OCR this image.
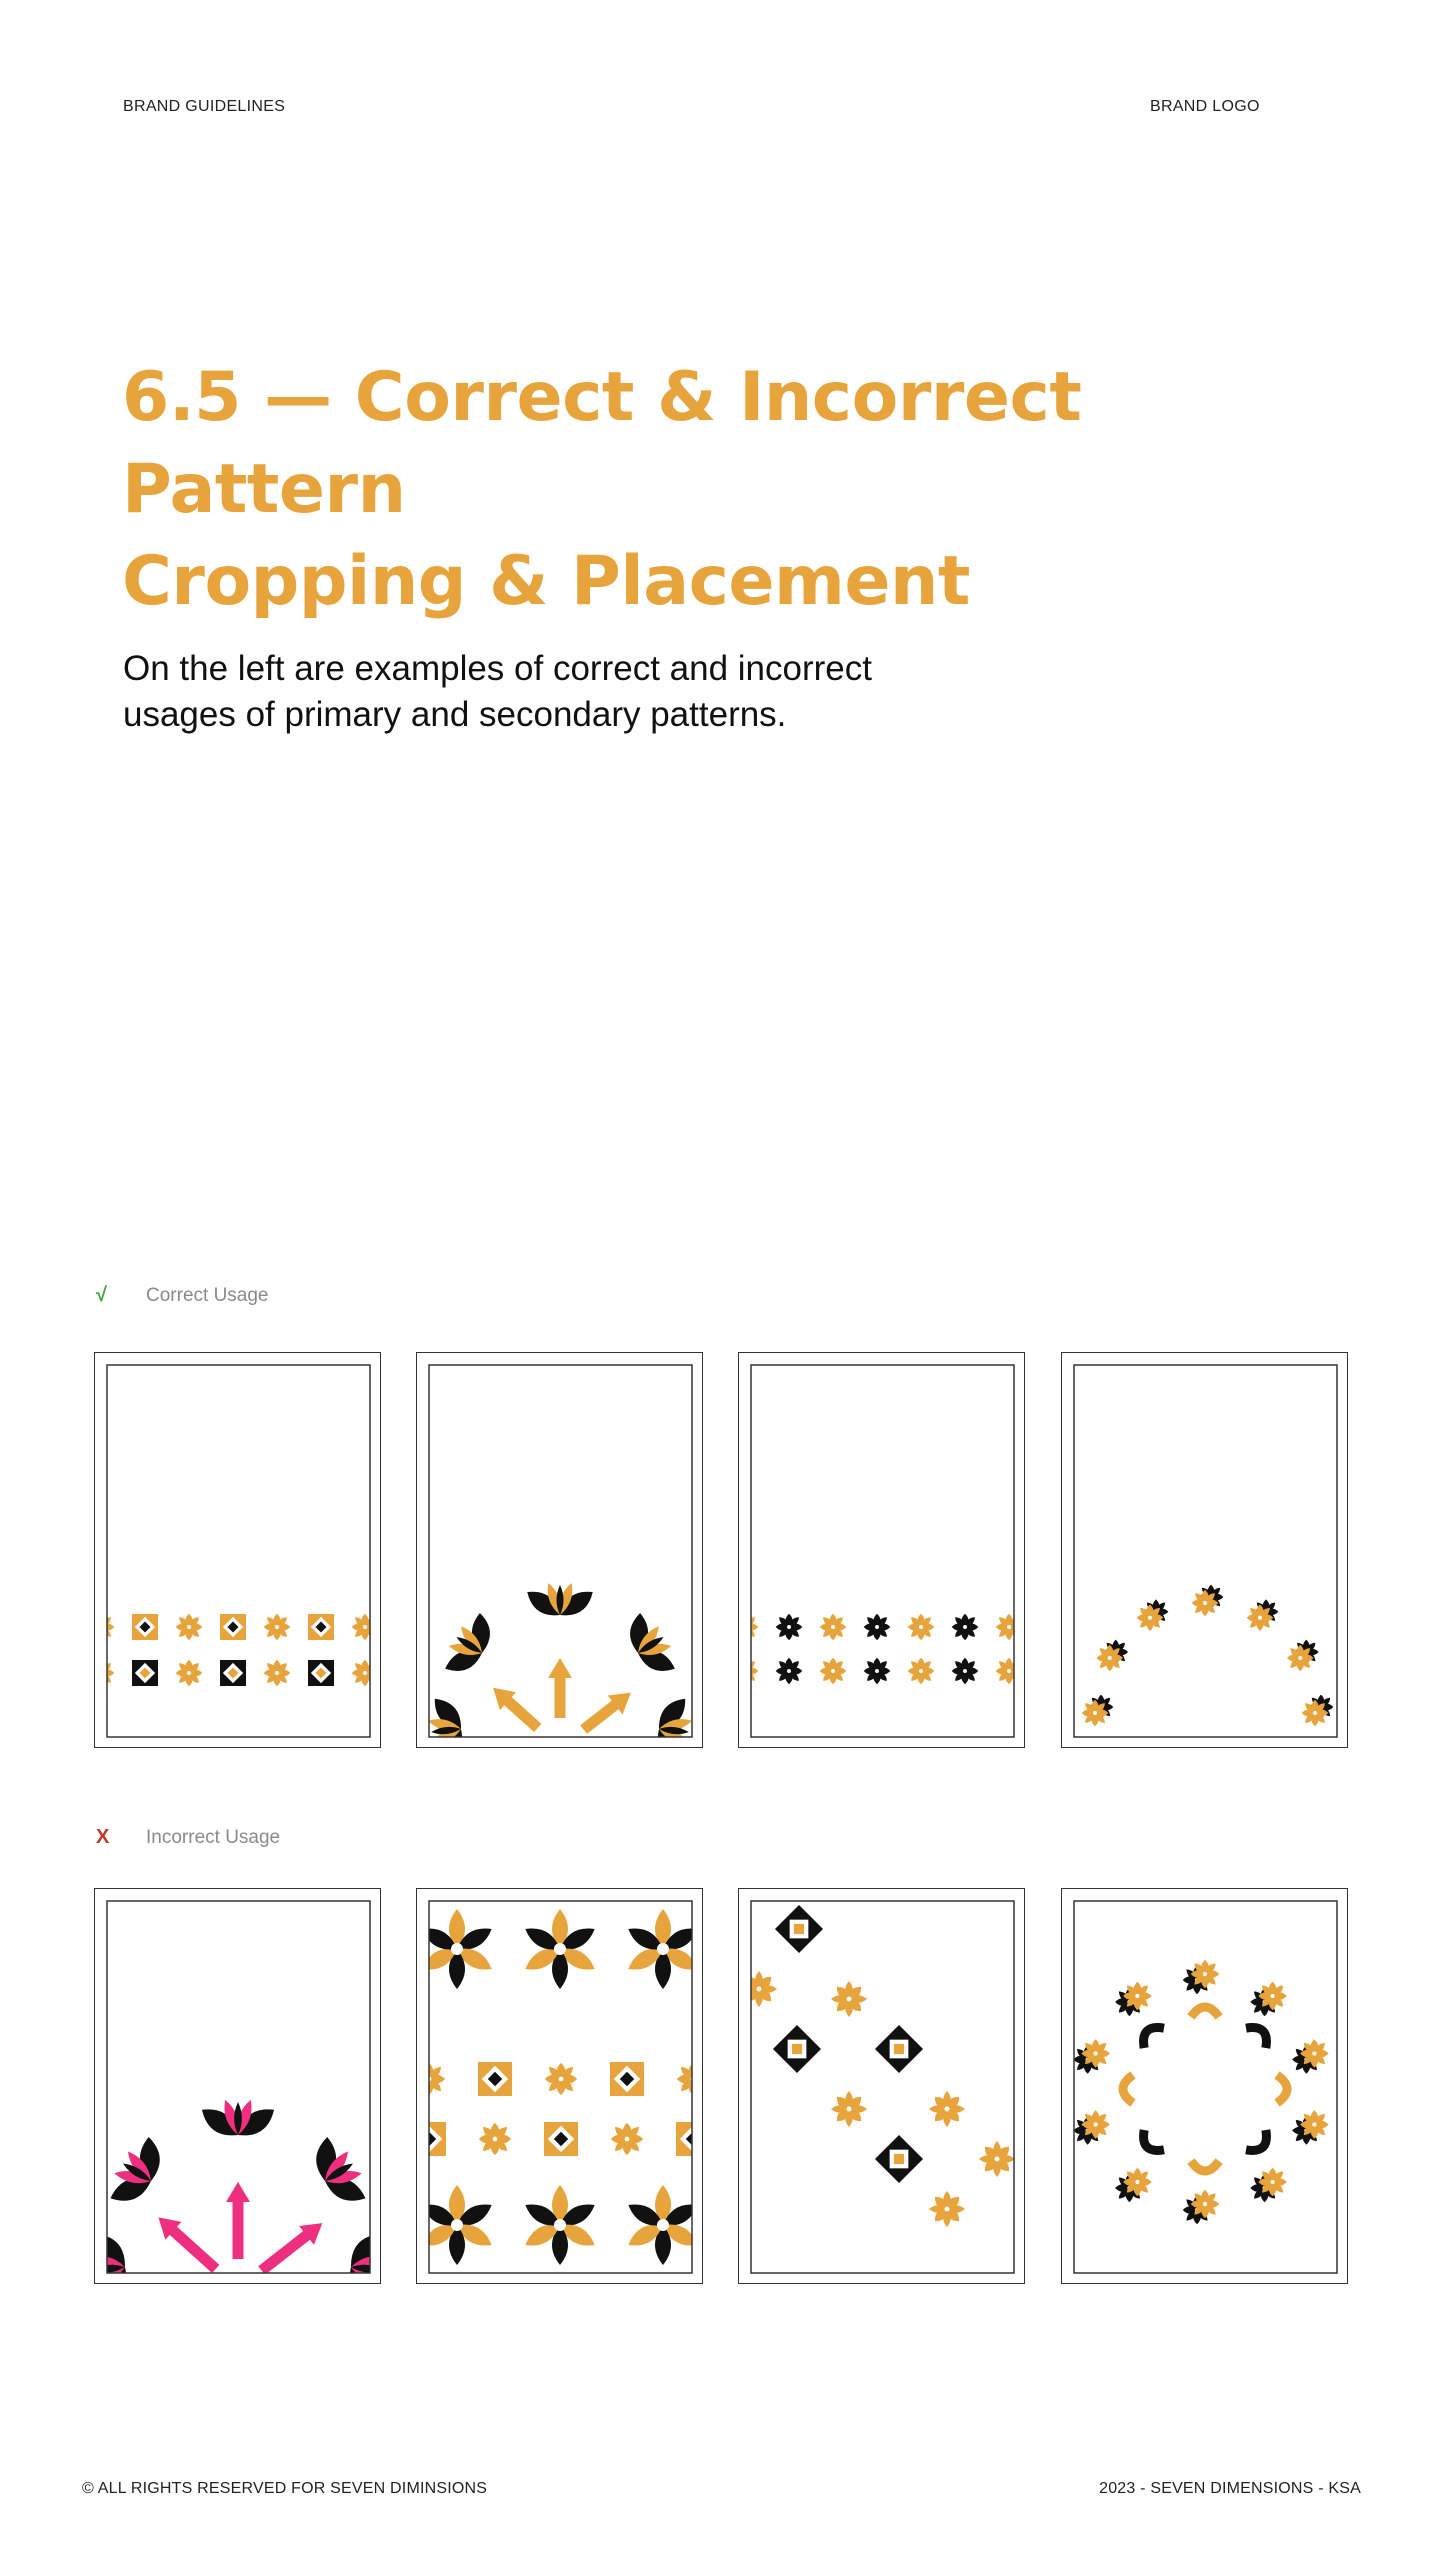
BRAND GUIDELINES	BRAND LOGO
6.5 — Correct & Incorrect Pattern
Cropping & Placement

On the left are examples of correct and incorrect usages of primary and secondary patterns.

√ Correct Usage
X Incorrect Usage
© ALL RIGHTS RESERVED FOR SEVEN DIMINSIONS	2023 - SEVEN DIMENSIONS - KSA
